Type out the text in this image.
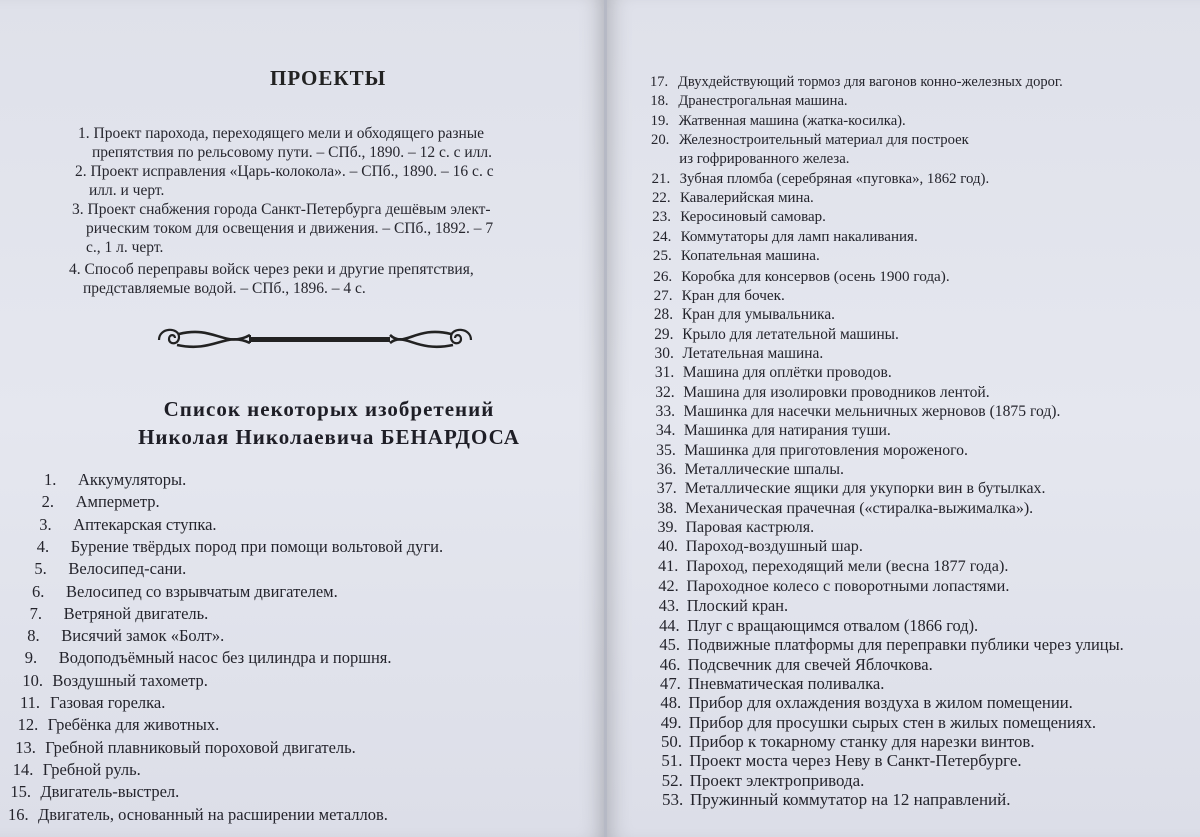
ПРОЕКТЫ
1. Проект парохода, переходящего мели и обходящего разные
препятствия по рельсовому пути. – СПб., 1890. – 12 с. с илл.
2. Проект исправления «Царь-колокола». – СПб., 1890. – 16 с. с
илл. и черт.
3. Проект снабжения города Санкт-Петербурга дешёвым элект-
рическим током для освещения и движения. – СПб., 1892. – 7
с., 1 л. черт.
4. Способ переправы войск через реки и другие препятствия,
представляемые водой. – СПб., 1896. – 4 с.
Список некоторых изобретений
Николая Николаевича БЕНАРДОСА
1. Аккумуляторы.
2. Амперметр.
3. Аптекарская ступка.
4. Бурение твёрдых пород при помощи вольтовой дуги.
5. Велосипед-сани.
6. Велосипед со взрывчатым двигателем.
7. Ветряной двигатель.
8. Висячий замок «Болт».
9. Водоподъёмный насос без цилиндра и поршня.
10. Воздушный тахометр.
11. Газовая горелка.
12. Гребёнка для животных.
13. Гребной плавниковый пороховой двигатель.
14. Гребной руль.
15. Двигатель-выстрел.
16. Двигатель, основанный на расширении металлов.
17. Двухдействующий тормоз для вагонов конно-железных дорог.
18. Дранестрогальная машина.
19. Жатвенная машина (жатка-косилка).
20. Железностроительный материал для построек
из гофрированного железа.
21. Зубная пломба (серебряная «пуговка», 1862 год).
22. Кавалерийская мина.
23. Керосиновый самовар.
24. Коммутаторы для ламп накаливания.
25. Копательная машина.
26. Коробка для консервов (осень 1900 года).
27. Кран для бочек.
28. Кран для умывальника.
29. Крыло для летательной машины.
30. Летательная машина.
31. Машина для оплётки проводов.
32. Машина для изолировки проводников лентой.
33. Машинка для насечки мельничных жерновов (1875 год).
34. Машинка для натирания туши.
35. Машинка для приготовления мороженого.
36. Металлические шпалы.
37. Металлические ящики для укупорки вин в бутылках.
38. Механическая прачечная («стиралка-выжималка»).
39. Паровая кастрюля.
40. Пароход-воздушный шар.
41. Пароход, переходящий мели (весна 1877 года).
42. Пароходное колесо с поворотными лопастями.
43. Плоский кран.
44. Плуг с вращающимся отвалом (1866 год).
45. Подвижные платформы для переправки публики через улицы.
46. Подсвечник для свечей Яблочкова.
47. Пневматическая поливалка.
48. Прибор для охлаждения воздуха в жилом помещении.
49. Прибор для просушки сырых стен в жилых помещениях.
50. Прибор к токарному станку для нарезки винтов.
51. Проект моста через Неву в Санкт-Петербурге.
52. Проект электропривода.
53. Пружинный коммутатор на 12 направлений.
